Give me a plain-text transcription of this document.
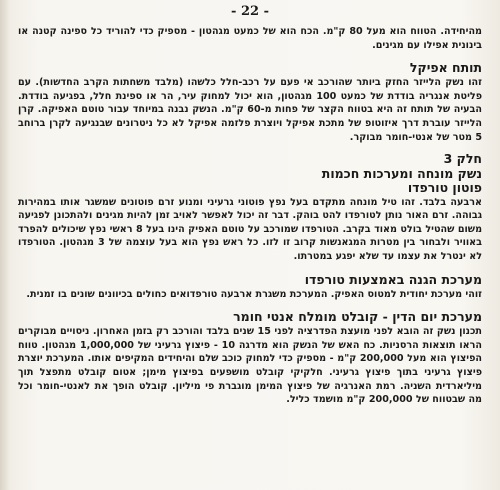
- 22 -

מהיחידה. הטווח הוא מעל 80 ק"מ. הכח הוא של כמעט מגהטון - מספיק כדי להוריד כל ספינה קטנה או בינונית אפילו עם מגינים.

תותח אפיקל

זהו נשק הלייזר החזק ביותר שהורכב אי פעם על רכב-חלל כלשהו (מלבד משחתות הקרב החדשות). עם פליטת אנגריה בודדת של כמעט 100 מגהטון, הוא יכול למחוק עיר, הר או ספינת חלל, בפגיעה בודדת. הבעיה של תותח זה היא בטווח הקצר של פחות מ-60 ק"מ. הנשק נבנה במיוחד עבור טוטם האפיקה. קרן הלייזר עוברת דרך איזוטופ של מתכת אפיקל ויוצרת פלזמה אפיקל לא כל ניטרונים שבנגיעה לקרן ברוחב 5 מטר של אנטי-חומר מבוקר.

חלק 3
נשק מונחה ומערכות חכמות
פוטון טורפדו

ארבעה בלבד. זהו טיל מונחה מתקדם בעל נפץ פוטוני גרעיני ומנוע זרם פוטונים שמשגר אותו במהירות גבוהה. זרם האור נותן לטורפדו להט בוהק. דבר זה יכול לאפשר לאויב זמן להיות מגינים ולהתכונן לפגיעה משום שהטיל בולט מאוד בקרב. הטורפדו שמורכב על טוטם האפיק הינו בעל 8 ראשי נפץ שיכולים להפרד באוויר ולבחור בין מטרות המגאנשות קרוב זו לזו. כל ראש נפץ הוא בעל עוצמה של 3 מגהטון. הטורפדו לא ינטרל את עצמו עד שלא יפגע במטרתו.

מערכת הגנה באמצעות טורפדו

זוהי מערכת יחודית למטוס האפיק. המערכת משגרת ארבעה טורפדואים כחולים בכיוונים שונים בו זמנית.

מערכת יום הדין - קובלט מומלח אנטי חומר

תכנון נשק זה הובא לפני מועצת הפדרציה לפני 15 שנים בלבד והורכב רק בזמן האחרון. ניסויים מבוקרים הראו תוצאות הרסניות. כח האש של הנשק הוא מדרגה 10 - פיצוץ גרעיני של 1,000,000 מגהטון. טווח הפיצוץ הוא מעל 200,000 ק"מ - מספיק כדי למחוק כוכב שלם והיחידים המקיפים אותו. המערכת יוצרת פיצוץ גרעיני בתוך פיצוץ גרעיני. חלקיקי קובלט מושפעים בפיצוץ מימן; אטום קובלט מתפצל תוך מיליארדית השניה. רמת האנרגיה של פיצוץ המימן מוגברת פי מיליון. קובלט הופך את לאנטי-חומר וכל מה שבטווח של 200,000 ק"מ מושמד כליל.
